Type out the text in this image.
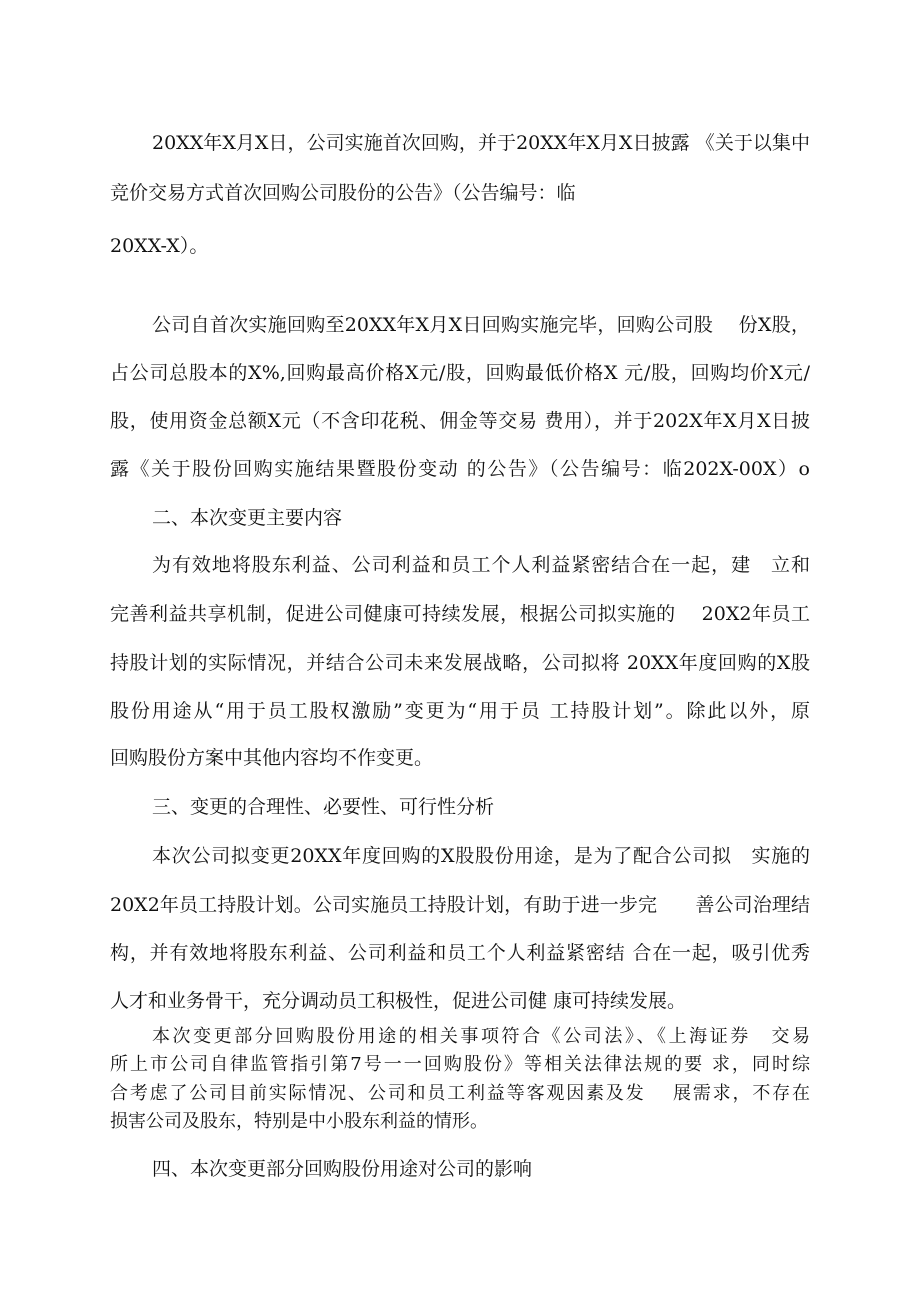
20XX年X月X日，公司实施首次回购，并于20XX年X月X日披露 《关于以集中
竞价交易方式首次回购公司股份的公告》（公告编号：临
20XX-X）。
公司自首次实施回购至20XX年X月X日回购实施完毕，回购公司股　 份X股，
占公司总股本的X%,回购最高价格X元/股，回购最低价格X 元/股，回购均价X元/
股，使用资金总额X元（不含印花税、佣金等交易 费用），并于202X年X月X日披
露《关于股份回购实施结果暨股份变动 的公告》（公告编号：临202X-00X）o
二、本次变更主要内容
为有效地将股东利益、公司利益和员工个人利益紧密结合在一起，建　立和
完善利益共享机制，促进公司健康可持续发展，根据公司拟实施的　 20X2年员工
持股计划的实际情况，并结合公司未来发展战略，公司拟将 20XX年度回购的X股
股份用途从“用于员工股权激励”变更为“用于员 工持股计划”。除此以外，原
回购股份方案中其他内容均不作变更。
三、变更的合理性、必要性、可行性分析
本次公司拟变更20XX年度回购的X股股份用途，是为了配合公司拟　实施的
20X2年员工持股计划。公司实施员工持股计划，有助于进一步完　　善公司治理结
构，并有效地将股东利益、公司利益和员工个人利益紧密结 合在一起，吸引优秀
人才和业务骨干，充分调动员工积极性，促进公司健 康可持续发展。
本次变更部分回购股份用途的相关事项符合《公司法》、《上海证券　交易
所上市公司自律监管指引第7号一一回购股份》等相关法律法规的要 求，同时综
合考虑了公司目前实际情况、公司和员工利益等客观因素及发　 展需求，不存在
损害公司及股东，特别是中小股东利益的情形。
四、本次变更部分回购股份用途对公司的影响
